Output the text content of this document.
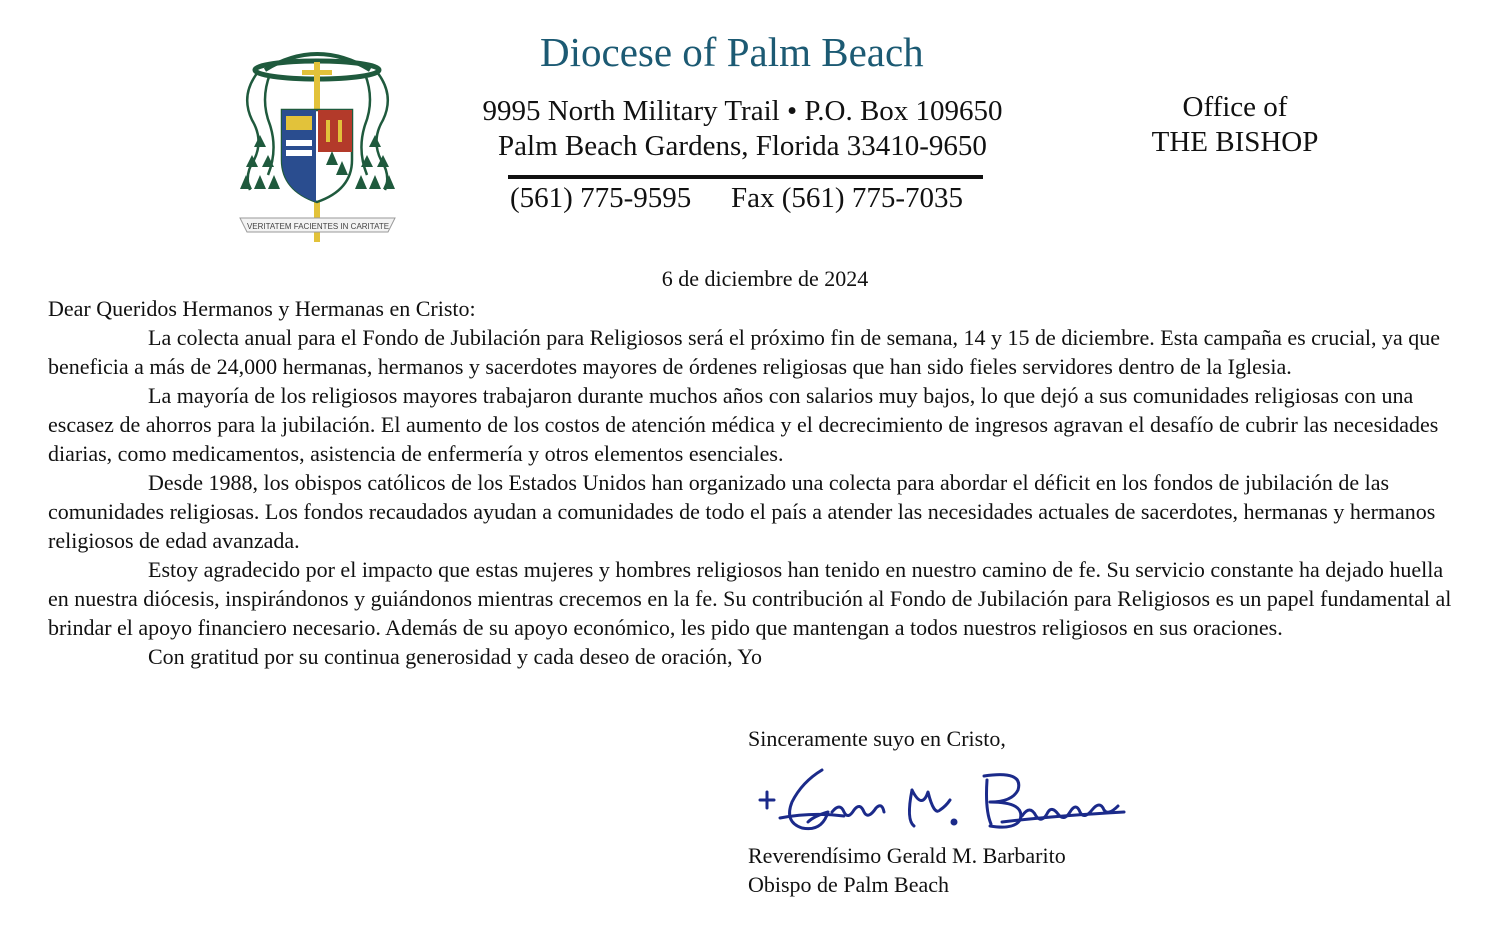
VERITATEM FACIENTES IN CARITATE
Diocese of Palm Beach
9995 North Military Trail • P.O. Box 109650
Palm Beach Gardens, Florida 33410-9650
(561) 775-9595 Fax (561) 775-7035
Office of
THE BISHOP
6 de diciembre de 2024

Dear Queridos Hermanos y Hermanas en Cristo:

La colecta anual para el Fondo de Jubilación para Religiosos será el próximo fin de semana, 14 y 15 de diciembre. Esta campaña es crucial, ya que beneficia a más de 24,000 hermanas, hermanos y sacerdotes mayores de órdenes religiosas que han sido fieles servidores dentro de la Iglesia.

La mayoría de los religiosos mayores trabajaron durante muchos años con salarios muy bajos, lo que dejó a sus comunidades religiosas con una escasez de ahorros para la jubilación. El aumento de los costos de atención médica y el decrecimiento de ingresos agravan el desafío de cubrir las necesidades diarias, como medicamentos, asistencia de enfermería y otros elementos esenciales.

Desde 1988, los obispos católicos de los Estados Unidos han organizado una colecta para abordar el déficit en los fondos de jubilación de las comunidades religiosas. Los fondos recaudados ayudan a comunidades de todo el país a atender las necesidades actuales de sacerdotes, hermanas y hermanos religiosos de edad avanzada.

Estoy agradecido por el impacto que estas mujeres y hombres religiosos han tenido en nuestro camino de fe. Su servicio constante ha dejado huella en nuestra diócesis, inspirándonos y guiándonos mientras crecemos en la fe. Su contribución al Fondo de Jubilación para Religiosos es un papel fundamental al brindar el apoyo financiero necesario. Además de su apoyo económico, les pido que mantengan a todos nuestros religiosos en sus oraciones.

Con gratitud por su continua generosidad y cada deseo de oración, Yo

Sinceramente suyo en Cristo,
Reverendísimo Gerald M. Barbarito
Obispo de Palm Beach
